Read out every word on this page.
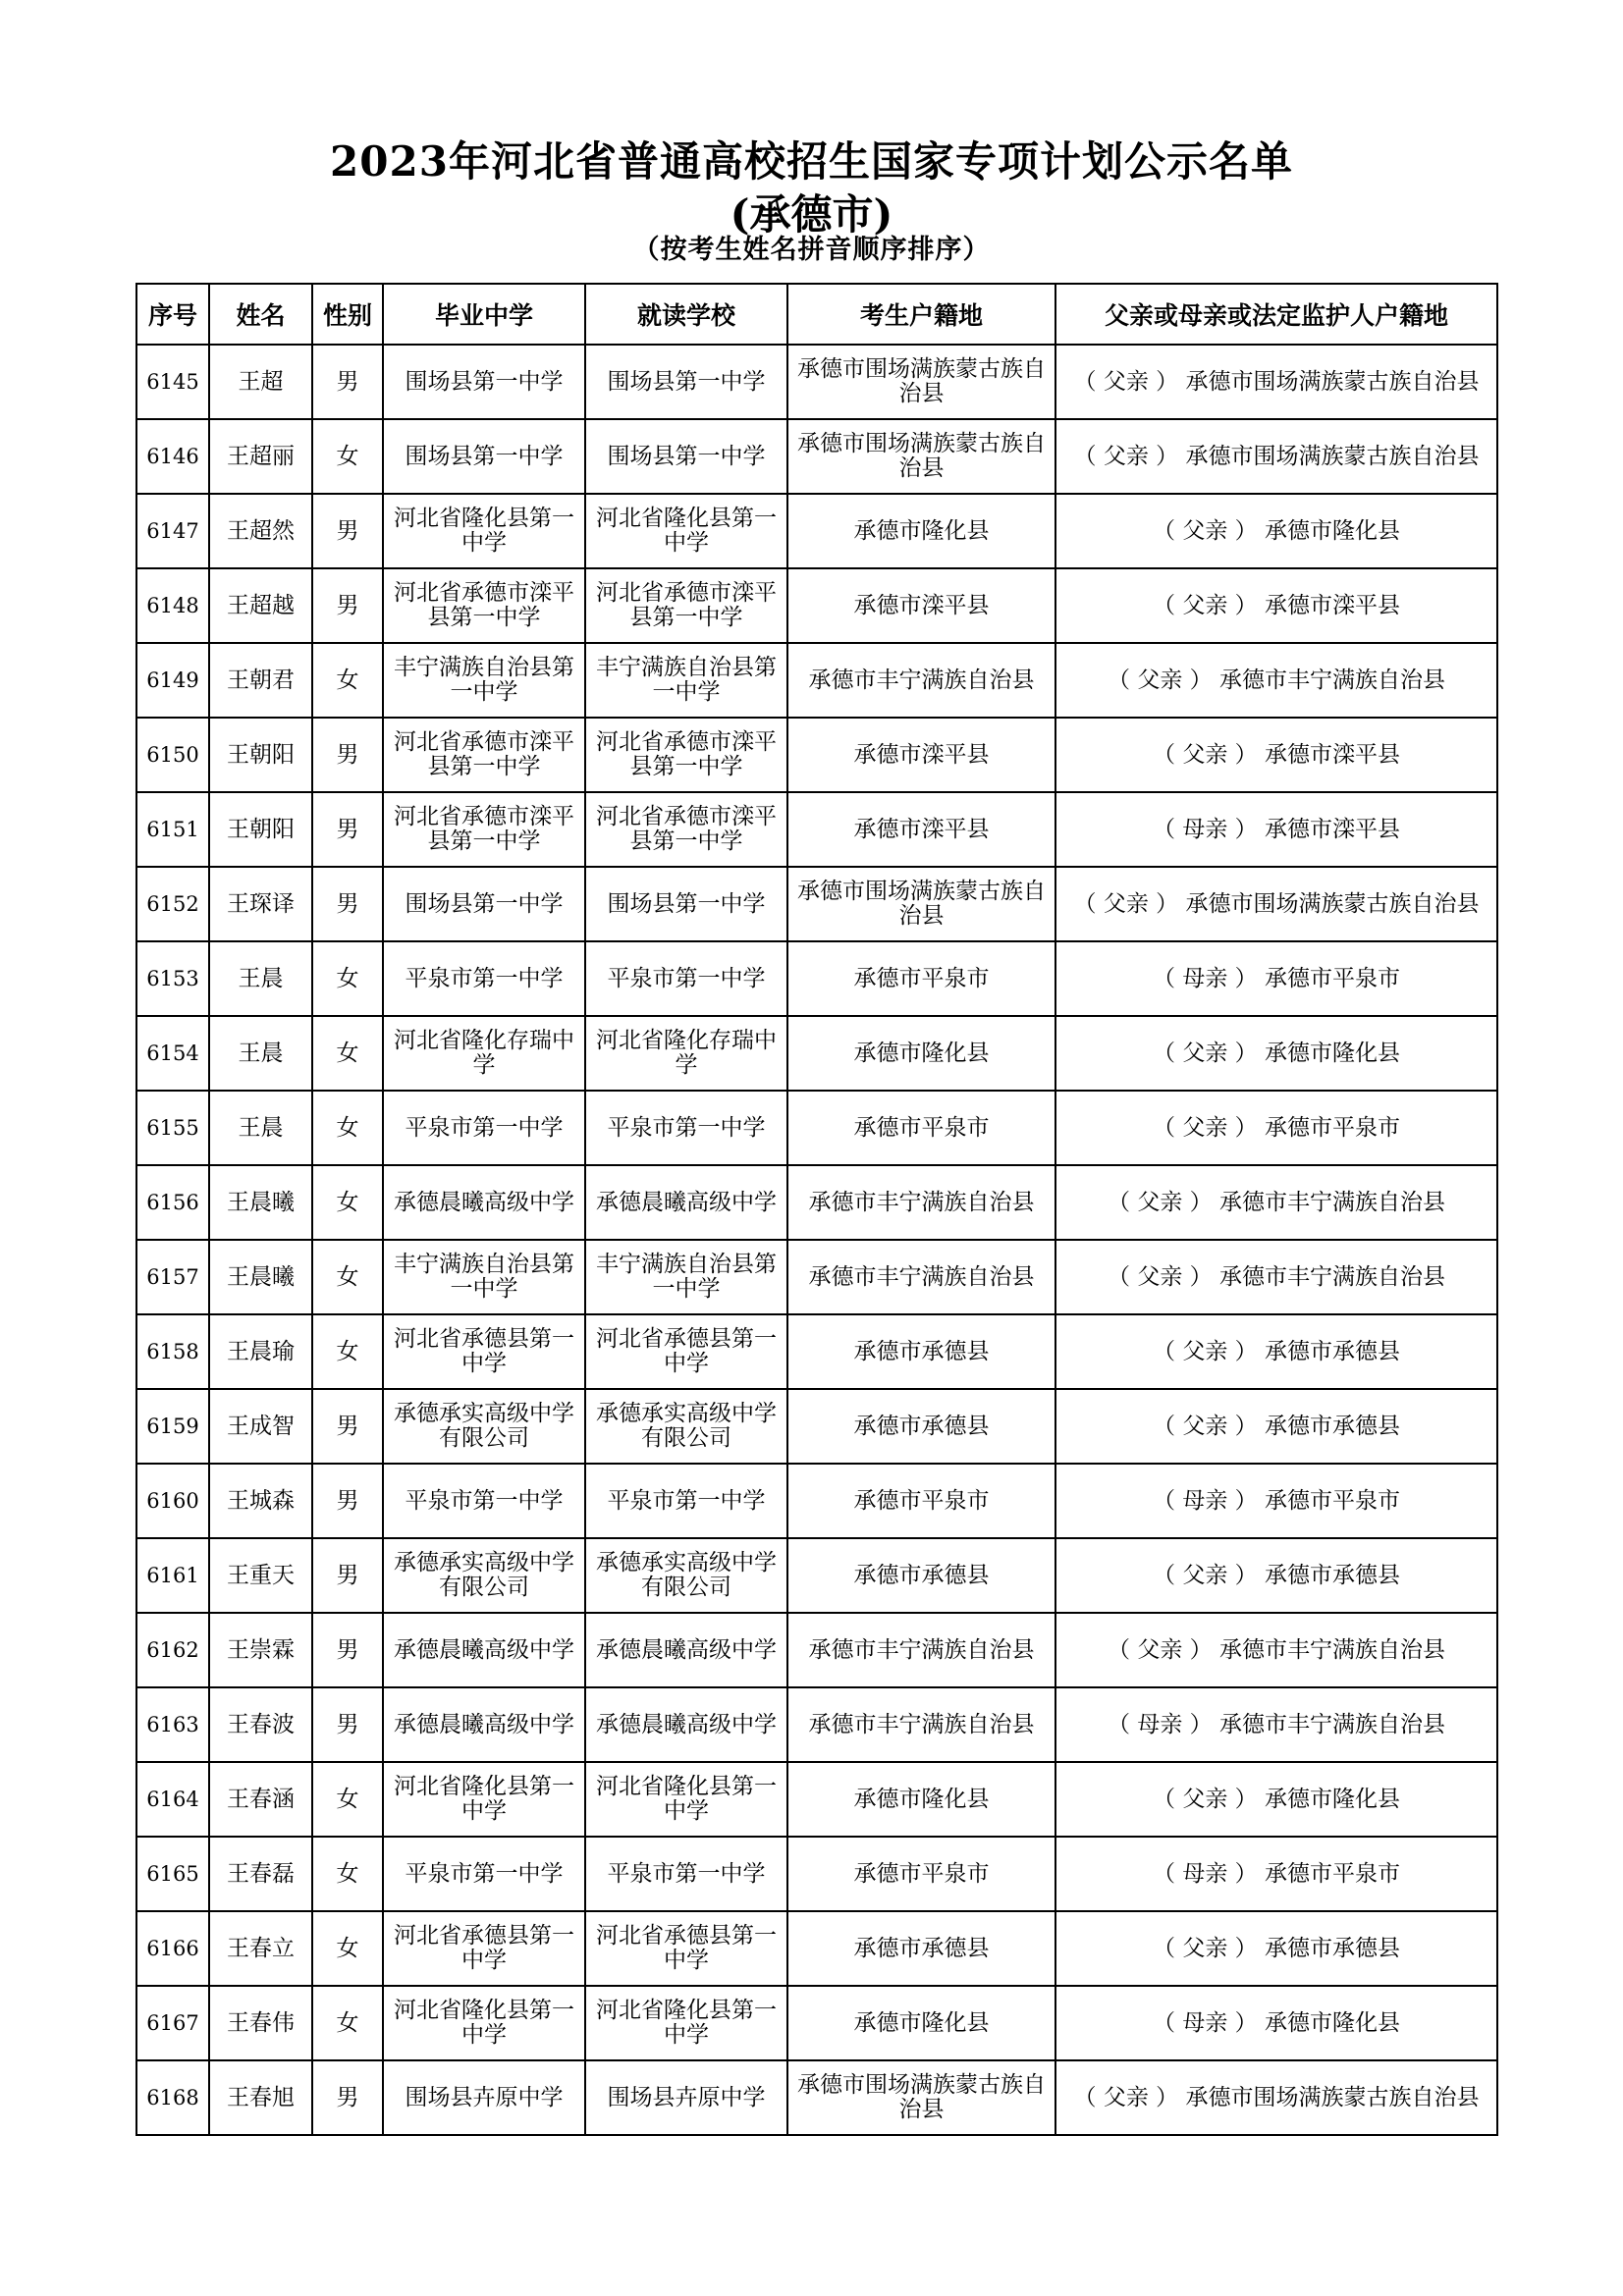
2023年河北省普通高校招生国家专项计划公示名单
(承德市)
（按考生姓名拼音顺序排序）
序号	姓名	性别	毕业中学	就读学校	考生户籍地	父亲或母亲或法定监护人户籍地
6145	王超	男	围场县第一中学	围场县第一中学	承德市围场满族蒙古族自治县	（ 父亲 ） 承德市围场满族蒙古族自治县
6146	王超丽	女	围场县第一中学	围场县第一中学	承德市围场满族蒙古族自治县	（ 父亲 ） 承德市围场满族蒙古族自治县
6147	王超然	男	河北省隆化县第一中学	河北省隆化县第一中学	承德市隆化县	（ 父亲 ） 承德市隆化县
6148	王超越	男	河北省承德市滦平县第一中学	河北省承德市滦平县第一中学	承德市滦平县	（ 父亲 ） 承德市滦平县
6149	王朝君	女	丰宁满族自治县第一中学	丰宁满族自治县第一中学	承德市丰宁满族自治县	（ 父亲 ） 承德市丰宁满族自治县
6150	王朝阳	男	河北省承德市滦平县第一中学	河北省承德市滦平县第一中学	承德市滦平县	（ 父亲 ） 承德市滦平县
6151	王朝阳	男	河北省承德市滦平县第一中学	河北省承德市滦平县第一中学	承德市滦平县	（ 母亲 ） 承德市滦平县
6152	王琛译	男	围场县第一中学	围场县第一中学	承德市围场满族蒙古族自治县	（ 父亲 ） 承德市围场满族蒙古族自治县
6153	王晨	女	平泉市第一中学	平泉市第一中学	承德市平泉市	（ 母亲 ） 承德市平泉市
6154	王晨	女	河北省隆化存瑞中学	河北省隆化存瑞中学	承德市隆化县	（ 父亲 ） 承德市隆化县
6155	王晨	女	平泉市第一中学	平泉市第一中学	承德市平泉市	（ 父亲 ） 承德市平泉市
6156	王晨曦	女	承德晨曦高级中学	承德晨曦高级中学	承德市丰宁满族自治县	（ 父亲 ） 承德市丰宁满族自治县
6157	王晨曦	女	丰宁满族自治县第一中学	丰宁满族自治县第一中学	承德市丰宁满族自治县	（ 父亲 ） 承德市丰宁满族自治县
6158	王晨瑜	女	河北省承德县第一中学	河北省承德县第一中学	承德市承德县	（ 父亲 ） 承德市承德县
6159	王成智	男	承德承实高级中学有限公司	承德承实高级中学有限公司	承德市承德县	（ 父亲 ） 承德市承德县
6160	王城森	男	平泉市第一中学	平泉市第一中学	承德市平泉市	（ 母亲 ） 承德市平泉市
6161	王重天	男	承德承实高级中学有限公司	承德承实高级中学有限公司	承德市承德县	（ 父亲 ） 承德市承德县
6162	王崇霖	男	承德晨曦高级中学	承德晨曦高级中学	承德市丰宁满族自治县	（ 父亲 ） 承德市丰宁满族自治县
6163	王春波	男	承德晨曦高级中学	承德晨曦高级中学	承德市丰宁满族自治县	（ 母亲 ） 承德市丰宁满族自治县
6164	王春涵	女	河北省隆化县第一中学	河北省隆化县第一中学	承德市隆化县	（ 父亲 ） 承德市隆化县
6165	王春磊	女	平泉市第一中学	平泉市第一中学	承德市平泉市	（ 母亲 ） 承德市平泉市
6166	王春立	女	河北省承德县第一中学	河北省承德县第一中学	承德市承德县	（ 父亲 ） 承德市承德县
6167	王春伟	女	河北省隆化县第一中学	河北省隆化县第一中学	承德市隆化县	（ 母亲 ） 承德市隆化县
6168	王春旭	男	围场县卉原中学	围场县卉原中学	承德市围场满族蒙古族自治县	（ 父亲 ） 承德市围场满族蒙古族自治县
